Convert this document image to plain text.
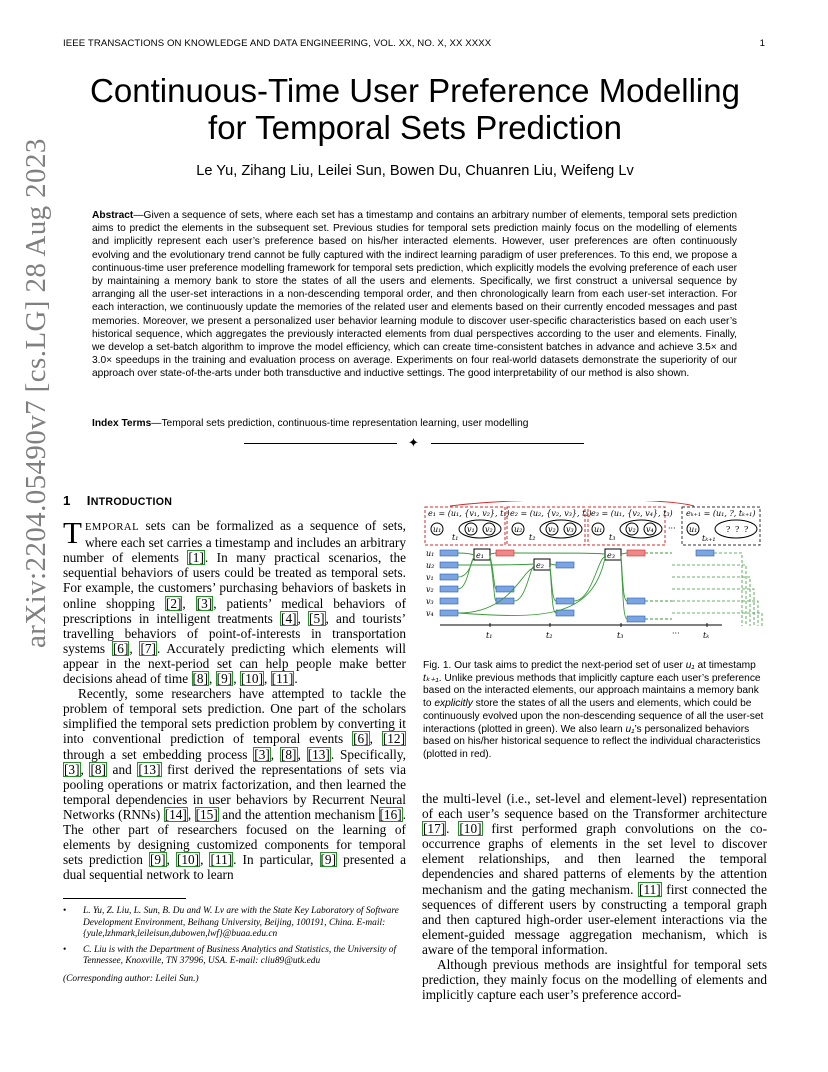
IEEE TRANSACTIONS ON KNOWLEDGE AND DATA ENGINEERING, VOL. XX, NO. X, XX XXXX	1
arXiv:2204.05490v7 [cs.LG] 28 Aug 2023
Continuous-Time User Preference Modelling
for Temporal Sets Prediction
Le Yu, Zihang Liu, Leilei Sun, Bowen Du, Chuanren Liu, Weifeng Lv
Abstract—Given a sequence of sets, where each set has a timestamp and contains an arbitrary number of elements, temporal sets prediction aims to predict the elements in the subsequent set. Previous studies for temporal sets prediction mainly focus on the modelling of elements and implicitly represent each user’s preference based on his/her interacted elements. However, user preferences are often continuously evolving and the evolutionary trend cannot be fully captured with the indirect learning paradigm of user preferences. To this end, we propose a continuous-time user preference modelling framework for temporal sets prediction, which explicitly models the evolving preference of each user by maintaining a memory bank to store the states of all the users and elements. Specifically, we first construct a universal sequence by arranging all the user-set interactions in a non-descending temporal order, and then chronologically learn from each user-set interaction. For each interaction, we continuously update the memories of the related user and elements based on their currently encoded messages and past memories. Moreover, we present a personalized user behavior learning module to discover user-specific characteristics based on each user’s historical sequence, which aggregates the previously interacted elements from dual perspectives according to the user and elements. Finally, we develop a set-batch algorithm to improve the model efficiency, which can create time-consistent batches in advance and achieve 3.5× and 3.0× speedups in the training and evaluation process on average. Experiments on four real-world datasets demonstrate the superiority of our approach over state-of-the-arts under both transductive and inductive settings. The good interpretability of our method is also shown.
Index Terms—Temporal sets prediction, continuous-time representation learning, user modelling
✦
1 INTRODUCTION

TEMPORAL sets can be formalized as a sequence of sets, where each set carries a timestamp and includes an arbitrary number of elements [1]. In many practical scenarios, the sequential behaviors of users could be treated as temporal sets. For example, the customers’ purchasing behaviors of baskets in online shopping [2], [3], patients’ medical behaviors of prescriptions in intelligent treatments [4], [5], and tourists’ travelling behaviors of point-of-interests in transportation systems [6], [7]. Accurately predicting which elements will appear in the next-period set can help people make better decisions ahead of time [8], [9], [10], [11].

Recently, some researchers have attempted to tackle the problem of temporal sets prediction. One part of the scholars simplified the temporal sets prediction problem by converting it into conventional prediction of temporal events [6], [12] through a set embedding process [3], [8], [13]. Specifically, [3], [8] and [13] first derived the representations of sets via pooling operations or matrix factorization, and then learned the temporal dependencies in user behaviors by Recurrent Neural Networks (RNNs) [14], [15] and the attention mechanism [16]. The other part of researchers focused on the learning of elements by designing customized components for temporal sets prediction [9], [10], [11]. In particular, [9] presented a dual sequential network to learn

• L. Yu, Z. Liu, L. Sun, B. Du and W. Lv are with the State Key Laboratory of Software Development Environment, Beihang University, Beijing, 100191, China. E-mail: {yule,lzhmark,leileisun,dubowen,lwf}@buaa.edu.cn
• C. Liu is with the Department of Business Analytics and Statistics, the University of Tennessee, Knoxville, TN 37996, USA. E-mail: cliu89@utk.edu
(Corresponding author: Leilei Sun.)
e₁ = (u₁, {v₁, v₂}, t₁) e₂ = (u₂, {v₂, v₃}, t₂) e₃ = (u₁, {v₂, v₄}, t₃) eₖ₊₁ = (u₁, ?, tₖ₊₁)
u₁
t₁
v₁ v₂	u₂
t₂
v₂ v₃	u₁
t₃
v₂ v₄ ··· u₁
tₖ₊₁
? ? ?
u₁
u₂
v₁
v₂
v₃
v₄
e₁
e₂
e₃
t₁	t₂	t₃	···	tₖ
Fig. 1. Our task aims to predict the next-period set of user u₁ at timestamp tₖ₊₁. Unlike previous methods that implicitly capture each user’s preference based on the interacted elements, our approach maintains a memory bank to explicitly store the states of all the users and elements, which could be continuously evolved upon the non-descending sequence of all the user-set interactions (plotted in green). We also learn u₁’s personalized behaviors based on his/her historical sequence to reflect the individual characteristics (plotted in red).

the multi-level (i.e., set-level and element-level) representation of each user’s sequence based on the Transformer architecture [17]. [10] first performed graph convolutions on the co-occurrence graphs of elements in the set level to discover element relationships, and then learned the temporal dependencies and shared patterns of elements by the attention mechanism and the gating mechanism. [11] first connected the sequences of different users by constructing a temporal graph and then captured high-order user-element interactions via the element-guided message aggregation mechanism, which is aware of the temporal information.

Although previous methods are insightful for temporal sets prediction, they mainly focus on the modelling of elements and implicitly capture each user’s preference accord-
